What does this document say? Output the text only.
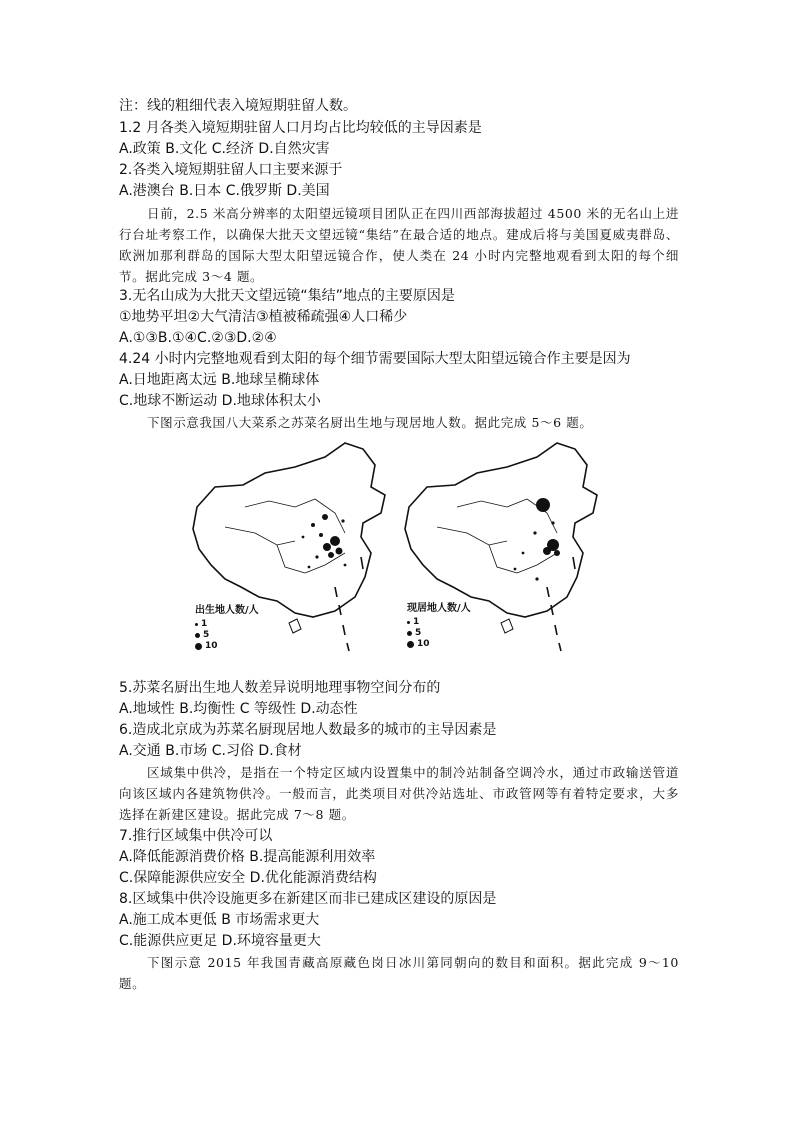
注：线的粗细代表入境短期驻留人数。
1.2 月各类入境短期驻留人口月均占比均较低的主导因素是
A.政策 B.文化 C.经济 D.自然灾害
2.各类入境短期驻留人口主要来源于
A.港澳台 B.日本 C.俄罗斯 D.美国
日前，2.5 米高分辨率的太阳望远镜项目团队正在四川西部海拔超过 4500 米的无名山上进行台址考察工作，以确保大批天文望远镜“集结”在最合适的地点。建成后将与美国夏威夷群岛、欧洲加那利群岛的国际大型太阳望远镜合作，使人类在 24 小时内完整地观看到太阳的每个细节。据此完成 3～4 题。
3.无名山成为大批天文望远镜“集结”地点的主要原因是
①地势平坦②大气清洁③植被稀疏强④人口稀少
A.①③B.①④C.②③D.②④
4.24 小时内完整地观看到太阳的每个细节需要国际大型太阳望远镜合作主要是因为
A.日地距离太远 B.地球呈椭球体
C.地球不断运动 D.地球体积太小
下图示意我国八大菜系之苏菜名厨出生地与现居地人数。据此完成 5～6 题。
出生地人数/人
1
5
10
现居地人数/人
1
5
10
5.苏菜名厨出生地人数差异说明地理事物空间分布的
A.地域性 B.均衡性 C 等级性 D.动态性
6.造成北京成为苏菜名厨现居地人数最多的城市的主导因素是
A.交通 B.市场 C.习俗 D.食材
区域集中供冷，是指在一个特定区域内设置集中的制冷站制备空调冷水，通过市政输送管道向该区域内各建筑物供冷。一般而言，此类项目对供冷站选址、市政管网等有着特定要求，大多选择在新建区建设。据此完成 7～8 题。
7.推行区域集中供冷可以
A.降低能源消费价格 B.提高能源利用效率
C.保障能源供应安全 D.优化能源消费结构
8.区域集中供冷设施更多在新建区而非已建成区建设的原因是
A.施工成本更低 B 市场需求更大
C.能源供应更足 D.环境容量更大
下图示意 2015 年我国青藏高原藏色岗日冰川第同朝向的数目和面积。据此完成 9～10 题。
